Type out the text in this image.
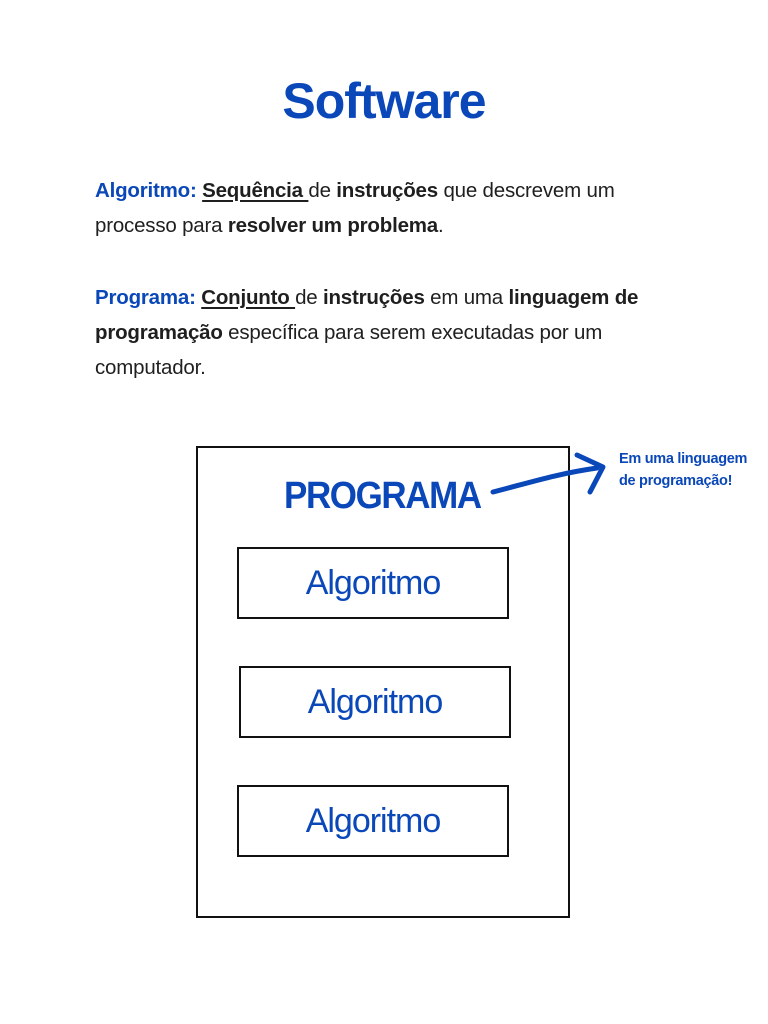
Software

Algoritmo: Sequência de instruções que descrevem um processo para resolver um problema.

Programa: Conjunto de instruções em uma linguagem de programação específica para serem executadas por um computador.

PROGRAMA
Algoritmo
Algoritmo
Algoritmo
Em uma linguagem
de programação!
